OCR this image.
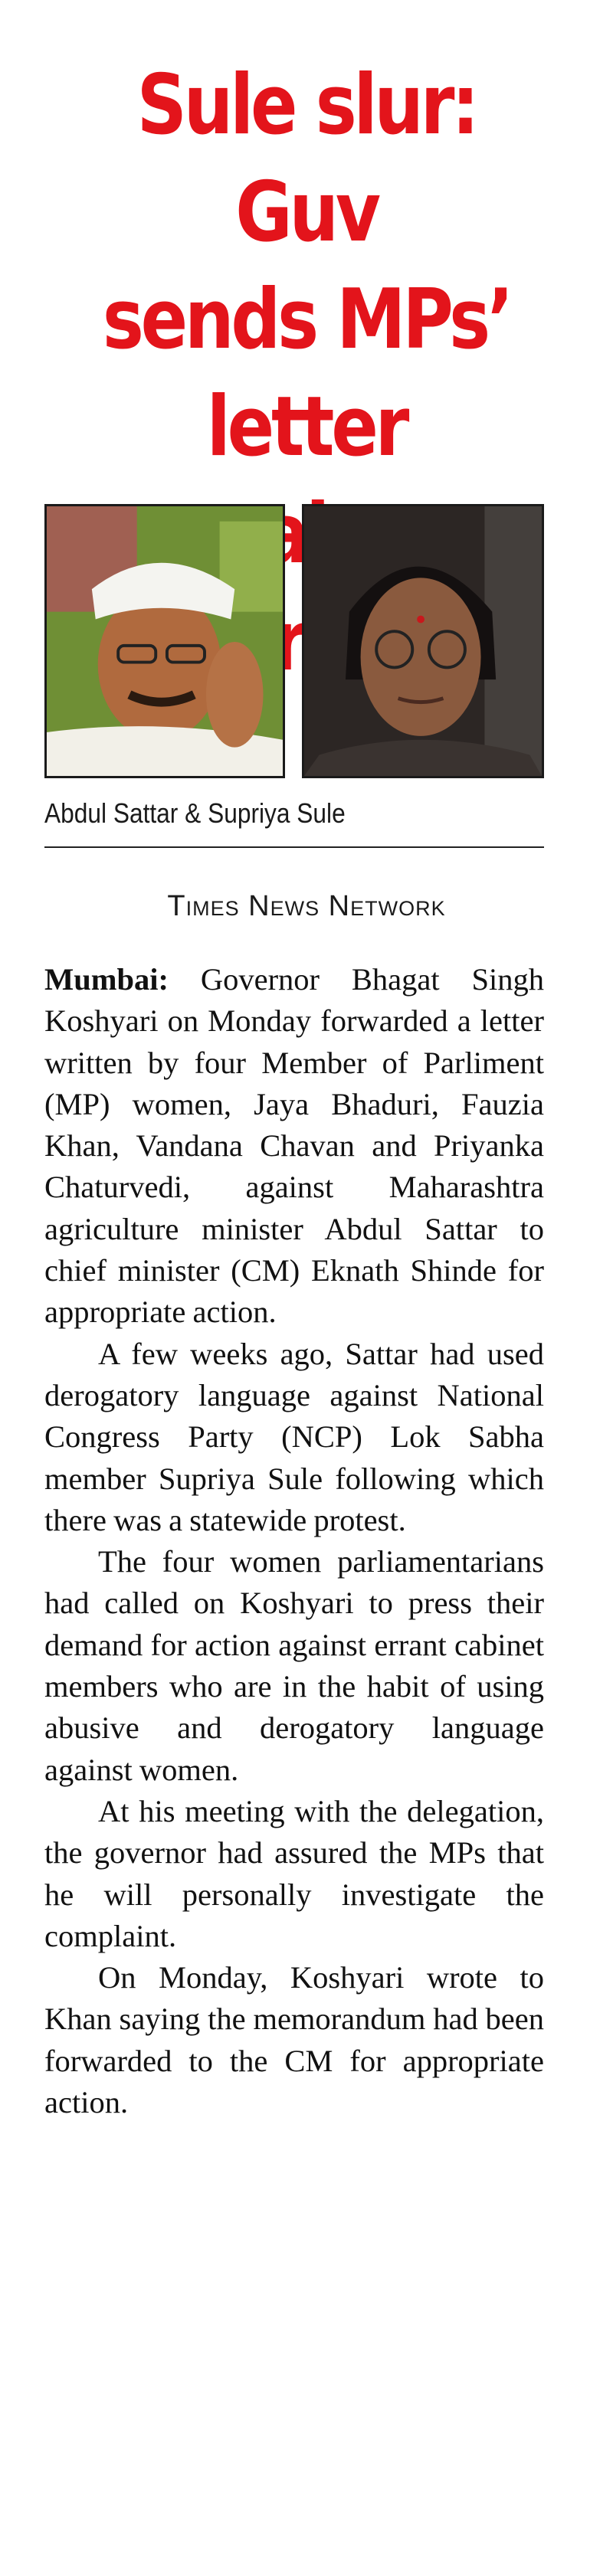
Sule slur: Guv
sends MPs’
letter

Abdul Sattar & Supriya Sule

Times News Network

Mumbai: Governor Bhagat Singh Koshyari on Monday forwarded a letter written by four Member of Parliment (MP) women, Jaya Bhaduri, Fauzia Khan, Vandana Chavan and Priyanka Chaturvedi, against Maharashtra agriculture minister Abdul Sattar to chief minister (CM) Eknath Shinde for appropriate action.

A few weeks ago, Sattar had used derogatory language against National Congress Party (NCP) Lok Sabha member Supriya Sule following which there was a statewide protest.

The four women parliamentarians had called on Koshyari to press their demand for action against errant cabinet members who are in the habit of using abusive and derogatory language against women.

At his meeting with the delegation, the governor had assured the MPs that he will personally investigate the complaint.

On Monday, Koshyari wrote to Khan saying the memorandum had been forwarded to the CM for appropriate action.
